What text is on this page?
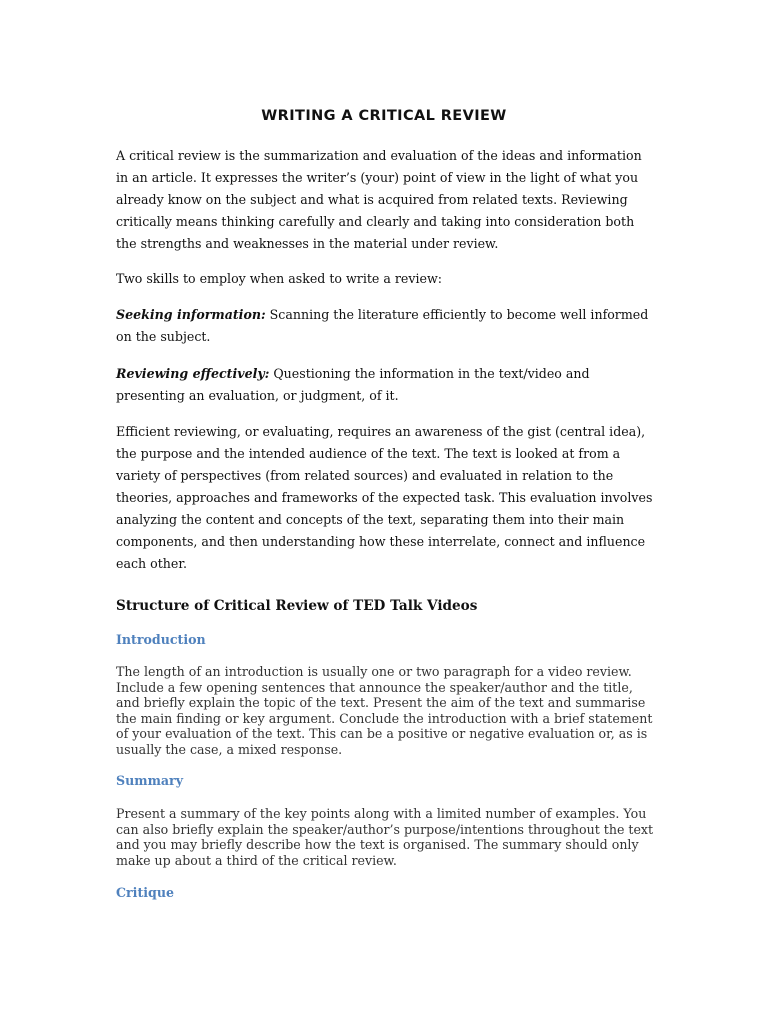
WRITING A CRITICAL REVIEW

A critical review is the summarization and evaluation of the ideas and information in an article. It expresses the writer’s (your) point of view in the light of what you already know on the subject and what is acquired from related texts. Reviewing critically means thinking carefully and clearly and taking into consideration both the strengths and weaknesses in the material under review.

Two skills to employ when asked to write a review:

Seeking information: Scanning the literature efficiently to become well informed on the subject.

Reviewing effectively: Questioning the information in the text/video and presenting an evaluation, or judgment, of it.

Efficient reviewing, or evaluating, requires an awareness of the gist (central idea), the purpose and the intended audience of the text. The text is looked at from a variety of perspectives (from related sources) and evaluated in relation to the theories, approaches and frameworks of the expected task. This evaluation involves analyzing the content and concepts of the text, separating them into their main components, and then understanding how these interrelate, connect and influence each other.

Structure of Critical Review of TED Talk Videos
Introduction

The length of an introduction is usually one or two paragraph for a video review. Include a few opening sentences that announce the speaker/author and the title, and briefly explain the topic of the text. Present the aim of the text and summarise the main finding or key argument. Conclude the introduction with a brief statement of your evaluation of the text. This can be a positive or negative evaluation or, as is usually the case, a mixed response.

Summary

Present a summary of the key points along with a limited number of examples. You can also briefly explain the speaker/author’s purpose/intentions throughout the text and you may briefly describe how the text is organised. The summary should only make up about a third of the critical review.

Critique
